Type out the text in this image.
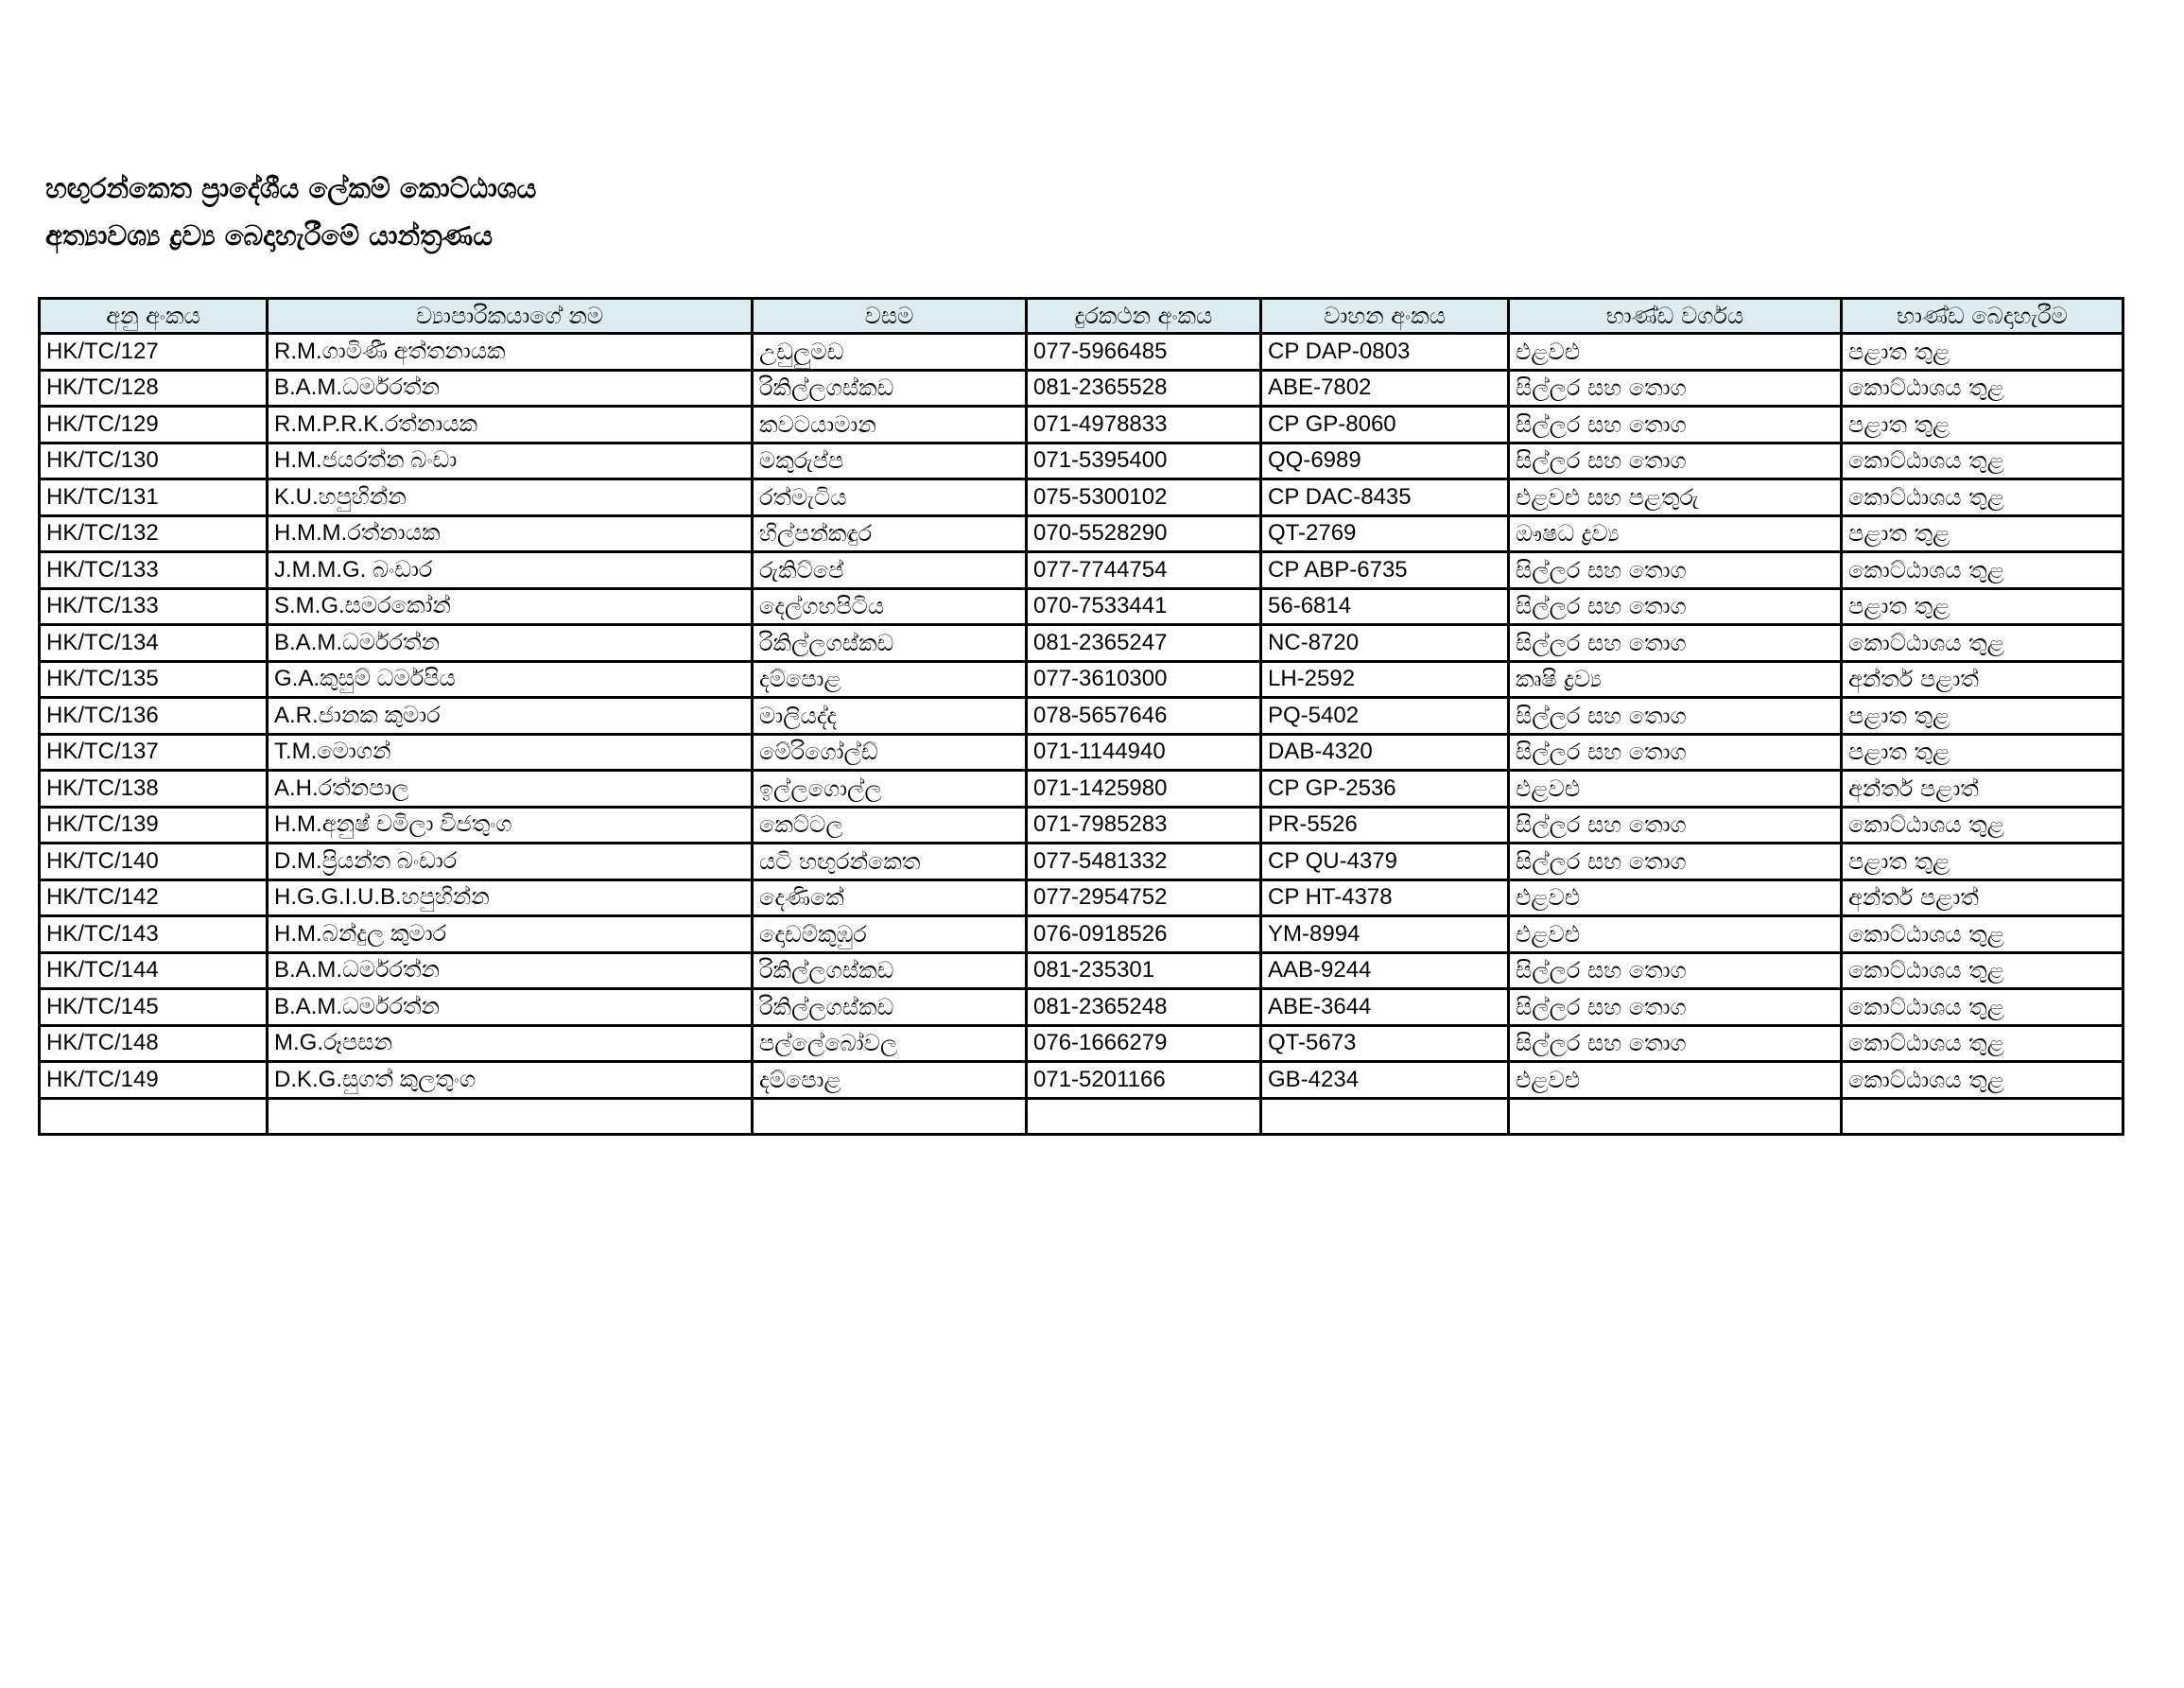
හඟුරන්කෙත ප්‍රාදේශීය ලේකම් කොට්ඨාශය
අත්‍යාවශ්‍ය ද්‍රව්‍ය බෙදාහැරීමේ යාන්ත්‍රණය
අනු අංකය	ව්‍යාපාරිකයාගේ නම	වසම	දුරකථන අංකය	වාහන අංකය	භාණ්ඩ වර්ගය	භාණ්ඩ බෙදාහැරීම
HK/TC/127	R.M.ගාමිණී අත්තනායක	උඩුලුමඩ	077-5966485	CP DAP-0803	එළවළු	පළාත තුළ
HK/TC/128	B.A.M.ධර්මරත්න	රිකිල්ලගස්කඩ	081-2365528	ABE-7802	සිල්ලර සහ තොග	කොට්ඨාශය තුළ
HK/TC/129	R.M.P.R.K.රත්නායක	කවටයාමාන	071-4978833	CP GP-8060	සිල්ලර සහ තොග	පළාත තුළ
HK/TC/130	H.M.ජයරත්න බංඩා	මකුරුප්ප	071-5395400	QQ-6989	සිල්ලර සහ තොග	කොට්ඨාශය තුළ
HK/TC/131	K.U.හපුහින්න	රත්මැටිය	075-5300102	CP DAC-8435	එළවළු සහ පළතුරු	කොට්ඨාශය තුළ
HK/TC/132	H.M.M.රත්නායක	හිල්පන්කඳුර	070-5528290	QT-2769	ඖෂධ ද්‍රව්‍ය	පළාත තුළ
HK/TC/133	J.M.M.G. බංඩාර	රුකිට්පේ	077-7744754	CP ABP-6735	සිල්ලර සහ තොග	කොට්ඨාශය තුළ
HK/TC/133	S.M.G.සමරකෝන්	දෙල්ගහපිටිය	070-7533441	56-6814	සිල්ලර සහ තොග	පළාත තුළ
HK/TC/134	B.A.M.ධර්මරත්න	රිකිල්ලගස්කඩ	081-2365247	NC-8720	සිල්ලර සහ තොග	කොට්ඨාශය තුළ
HK/TC/135	G.A.කුසුම් ධර්මපිය	දම්පොළ	077-3610300	LH-2592	කෘෂි ද්‍රව්‍ය	අන්තර් පළාත්
HK/TC/136	A.R.ජානක කුමාර	මාලියද්ද	078-5657646	PQ-5402	සිල්ලර සහ තොග	පළාත තුළ
HK/TC/137	T.M.මොගන්	මේරිගෝල්ඩ්	071-1144940	DAB-4320	සිල්ලර සහ තොග	පළාත තුළ
HK/TC/138	A.H.රත්නපාල	ඉල්ලගොල්ල	071-1425980	CP GP-2536	එළවළු	අන්තර් පළාත්
HK/TC/139	H.M.අනුෂ් චමිලා විජතුංග	කෙට්ටල	071-7985283	PR-5526	සිල්ලර සහ තොග	කොට්ඨාශය තුළ
HK/TC/140	D.M.ප්‍රියන්ත බංඩාර	යටි හඟුරන්කෙත	077-5481332	CP QU-4379	සිල්ලර සහ තොග	පළාත තුළ
HK/TC/142	H.G.G.I.U.B.හපුහින්න	දෙණිකේ	077-2954752	CP HT-4378	එළවළු	අන්තර් පළාත්
HK/TC/143	H.M.බන්දුල කුමාර	දොඩම්කුඹුර	076-0918526	YM-8994	එළවළු	කොට්ඨාශය තුළ
HK/TC/144	B.A.M.ධර්මරත්න	රිකිල්ලගස්කඩ	081-235301	AAB-9244	සිල්ලර සහ තොග	කොට්ඨාශය තුළ
HK/TC/145	B.A.M.ධර්මරත්න	රිකිල්ලගස්කඩ	081-2365248	ABE-3644	සිල්ලර සහ තොග	කොට්ඨාශය තුළ
HK/TC/148	M.G.රූපසන	පල්ලේබෝවල	076-1666279	QT-5673	සිල්ලර සහ තොග	කොට්ඨාශය තුළ
HK/TC/149	D.K.G.සුගත් කුලතුංග	දම්පොළ	071-5201166	GB-4234	එළවළු	කොට්ඨාශය තුළ
